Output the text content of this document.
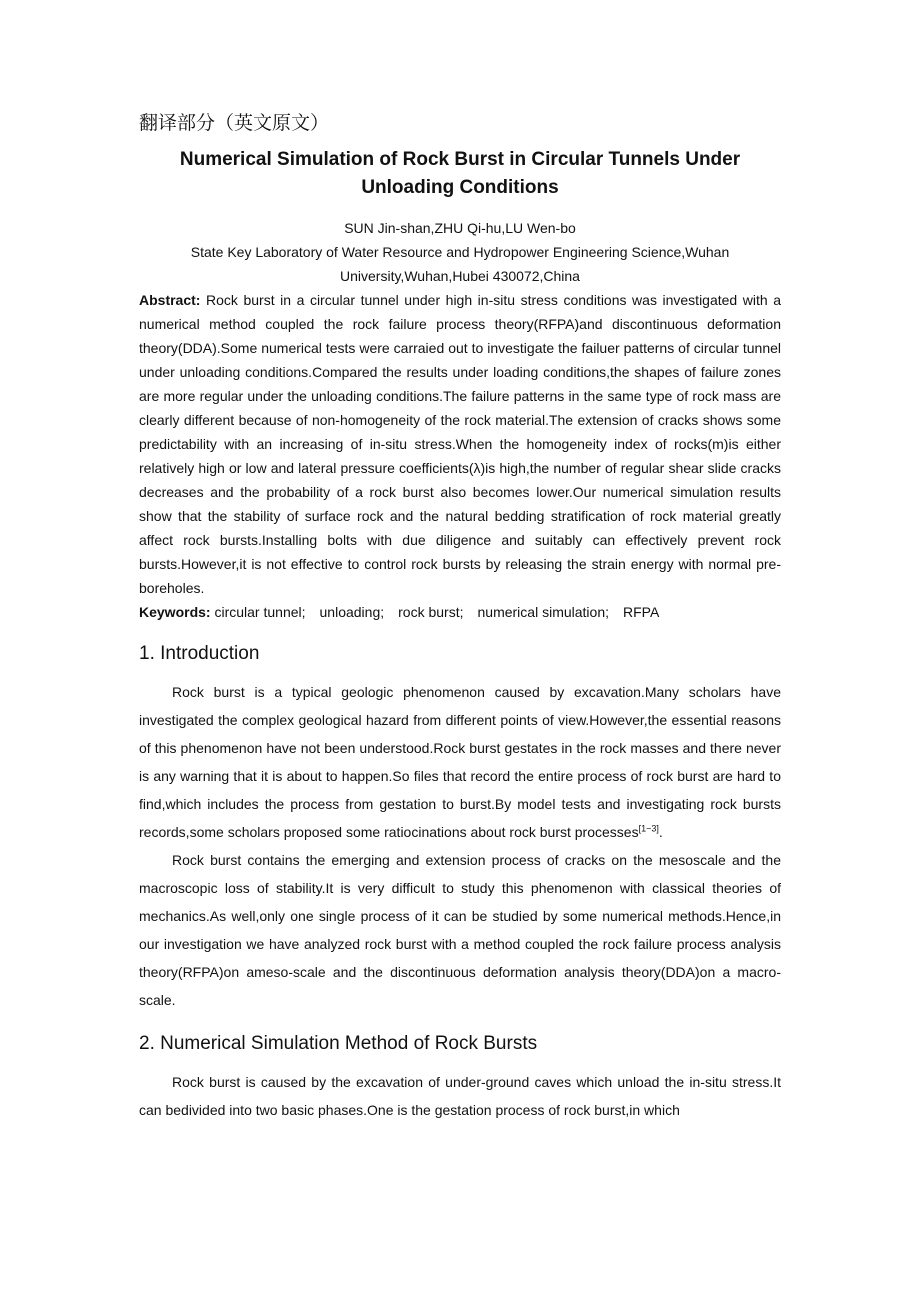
翻译部分（英文原文）
Numerical Simulation of Rock Burst in Circular Tunnels Under
Unloading Conditions
SUN Jin-shan,ZHU Qi-hu,LU Wen-bo
State Key Laboratory of Water Resource and Hydropower Engineering Science,Wuhan
University,Wuhan,Hubei 430072,China

Abstract: Rock burst in a circular tunnel under high in-situ stress conditions was investigated with a numerical method coupled the rock failure process theory(RFPA)and discontinuous deformation theory(DDA).Some numerical tests were carraied out to investigate the failuer patterns of circular tunnel under unloading conditions.Compared the results under loading conditions,the shapes of failure zones are more regular under the unloading conditions.The failure patterns in the same type of rock mass are clearly different because of non-homogeneity of the rock material.The extension of cracks shows some predictability with an increasing of in-situ stress.When the homogeneity index of rocks(m)is either relatively high or low and lateral pressure coefficients(λ)is high,the number of regular shear slide cracks decreases and the probability of a rock burst also becomes lower.Our numerical simulation results show that the stability of surface rock and the natural bedding stratification of rock material greatly affect rock bursts.Installing bolts with due diligence and suitably can effectively prevent rock bursts.However,it is not effective to control rock bursts by releasing the strain energy with normal pre-boreholes.

Keywords: circular tunnel; unloading; rock burst; numerical simulation; RFPA

1. Introduction

Rock burst is a typical geologic phenomenon caused by excavation.Many scholars have investigated the complex geological hazard from different points of view.However,the essential reasons of this phenomenon have not been understood.Rock burst gestates in the rock masses and there never is any warning that it is about to happen.So files that record the entire process of rock burst are hard to find,which includes the process from gestation to burst.By model tests and investigating rock bursts records,some scholars proposed some ratiocinations about rock burst processes[1−3].

Rock burst contains the emerging and extension process of cracks on the mesoscale and the macroscopic loss of stability.It is very difficult to study this phenomenon with classical theories of mechanics.As well,only one single process of it can be studied by some numerical methods.Hence,in our investigation we have analyzed rock burst with a method coupled the rock failure process analysis theory(RFPA)on ameso-scale and the discontinuous deformation analysis theory(DDA)on a macro-scale.

2. Numerical Simulation Method of Rock Bursts

Rock burst is caused by the excavation of under-ground caves which unload the in-situ stress.It can bedivided into two basic phases.One is the gestation process of rock burst,in which
